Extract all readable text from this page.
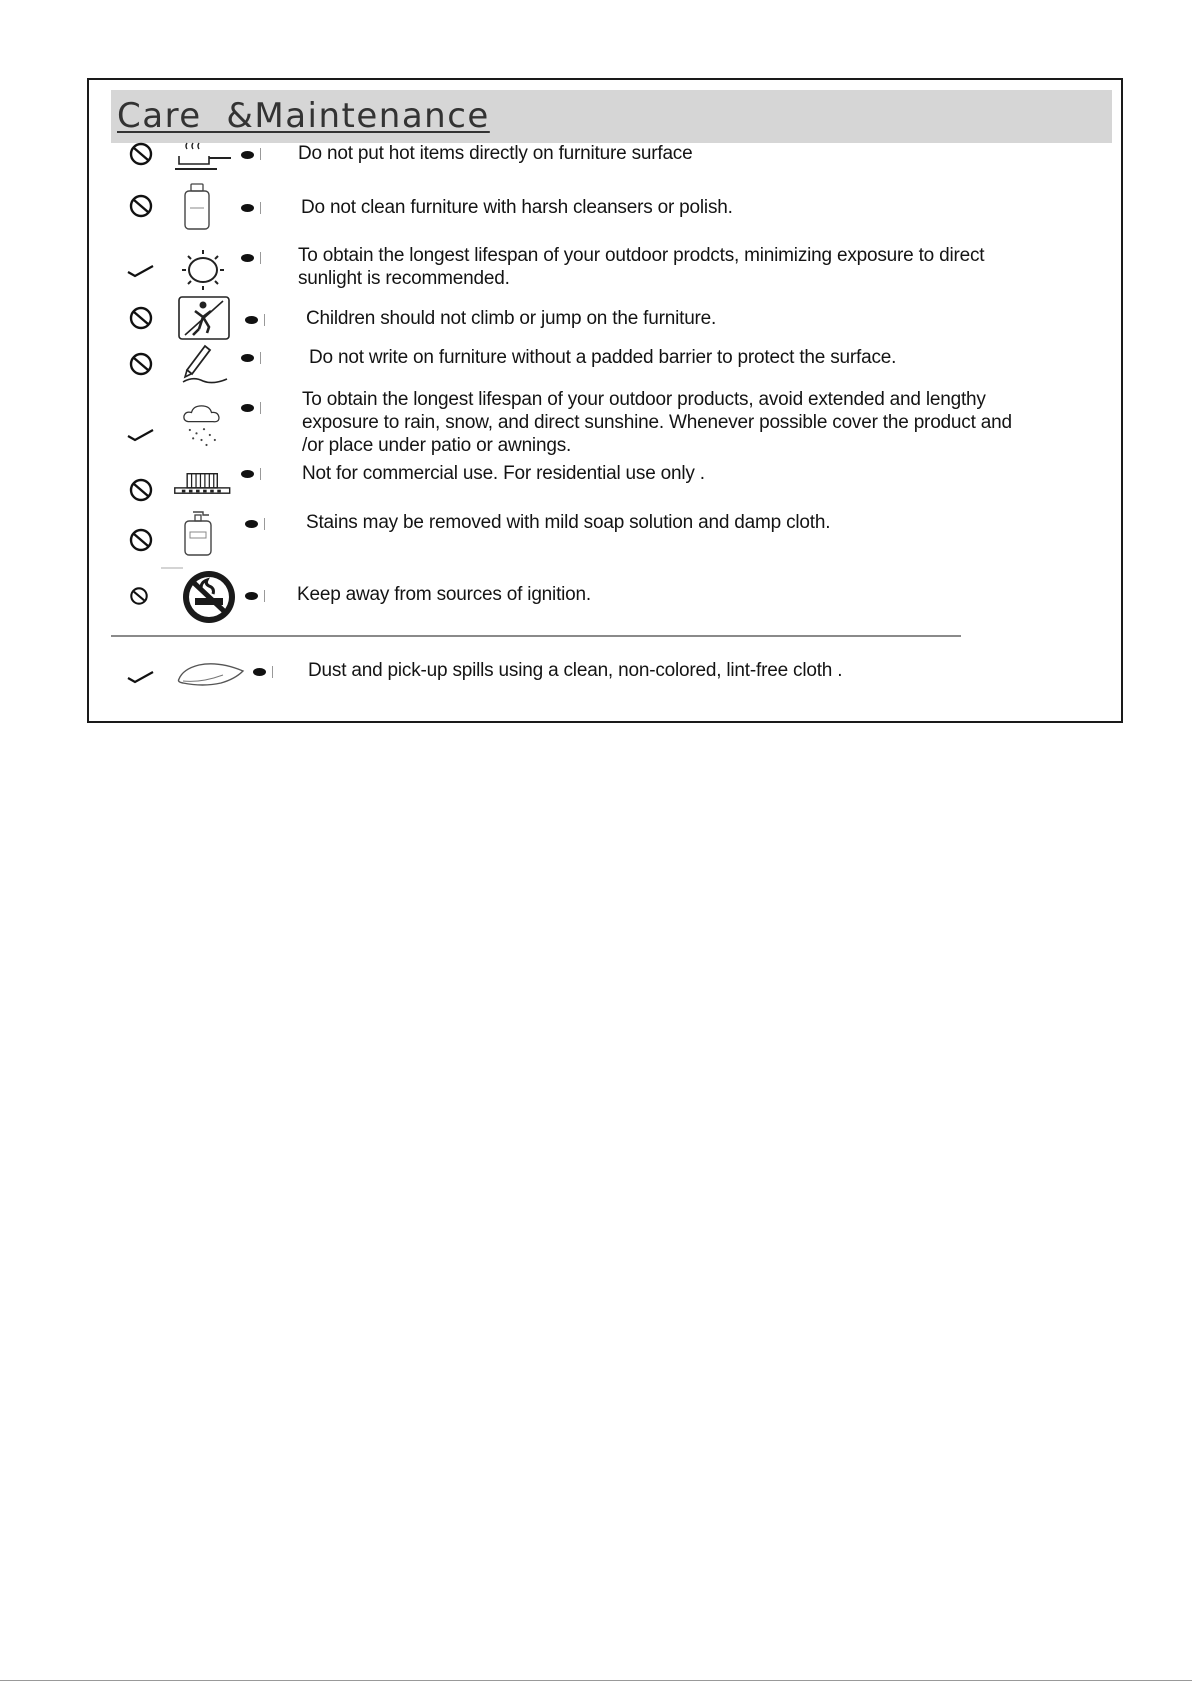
Care  &Maintenance
Do not put hot items directly on furniture surface
Do not clean furniture with harsh cleansers or polish.
To obtain the longest lifespan of your outdoor prodcts, minimizing exposure to direct sunlight is recommended.
Children should not climb or jump on the furniture.
Do not write on furniture without a padded barrier to protect the surface.
To obtain the longest lifespan of your outdoor products, avoid extended and lengthy exposure to rain, snow, and direct sunshine. Whenever possible cover the product and /or place under patio or awnings.
Not for commercial use. For residential use only .
Stains may be removed with mild soap solution and damp cloth.
Keep away from sources of ignition.
Dust and pick-up spills using a clean, non-colored, lint-free cloth .
